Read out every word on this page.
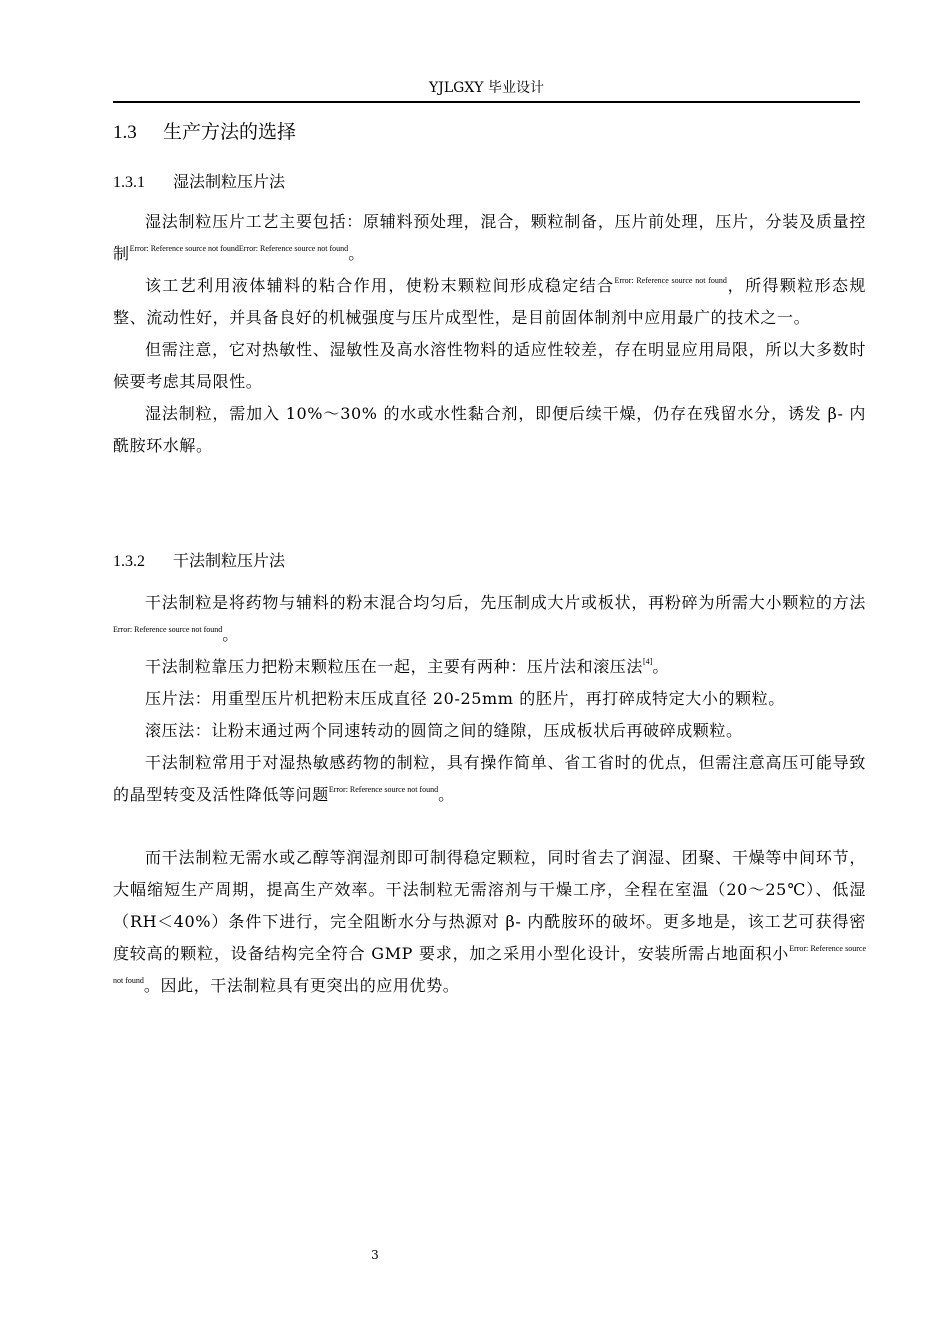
YJLGXY 毕业设计
1.3 生产方法的选择
1.3.1 湿法制粒压片法

湿法制粒压片工艺主要包括：原辅料预处理，混合，颗粒制备，压片前处理，压片，分装及质量控制$^{Error: Reference source not foundError: Reference source not found}$。

该工艺利用液体辅料的粘合作用，使粉末颗粒间形成稳定结合$^{Error: Reference source not found}$，所得颗粒形态规整、流动性好，并具备良好的机械强度与压片成型性，是目前固体制剂中应用最广的技术之一。

但需注意，它对热敏性、湿敏性及高水溶性物料的适应性较差，存在明显应用局限，所以大多数时候要考虑其局限性。

湿法制粒，需加入 10%～30% 的水或水性黏合剂，即便后续干燥，仍存在残留水分，诱发 β- 内酰胺环水解。

1.3.2 干法制粒压片法

干法制粒是将药物与辅料的粉末混合均匀后，先压制成大片或板状，再粉碎为所需大小颗粒的方法$^{Error: Reference source not found}$。

干法制粒靠压力把粉末颗粒压在一起，主要有两种：压片法和滚压法[4]。

压片法：用重型压片机把粉末压成直径 20-25mm 的胚片，再打碎成特定大小的颗粒。

滚压法：让粉末通过两个同速转动的圆筒之间的缝隙，压成板状后再破碎成颗粒。

干法制粒常用于对湿热敏感药物的制粒，具有操作简单、省工省时的优点，但需注意高压可能导致的晶型转变及活性降低等问题$^{Error: Reference source not found}$。

而干法制粒无需水或乙醇等润湿剂即可制得稳定颗粒，同时省去了润湿、团聚、干燥等中间环节，大幅缩短生产周期，提高生产效率。干法制粒无需溶剂与干燥工序，全程在室温（20～25℃）、低湿（RH＜40%）条件下进行，完全阻断水分与热源对 β- 内酰胺环的破坏。更多地是，该工艺可获得密度较高的颗粒，设备结构完全符合 GMP 要求，加之采用小型化设计，安装所需占地面积小$^{Error: Reference source not found}$。因此，干法制粒具有更突出的应用优势。

3
